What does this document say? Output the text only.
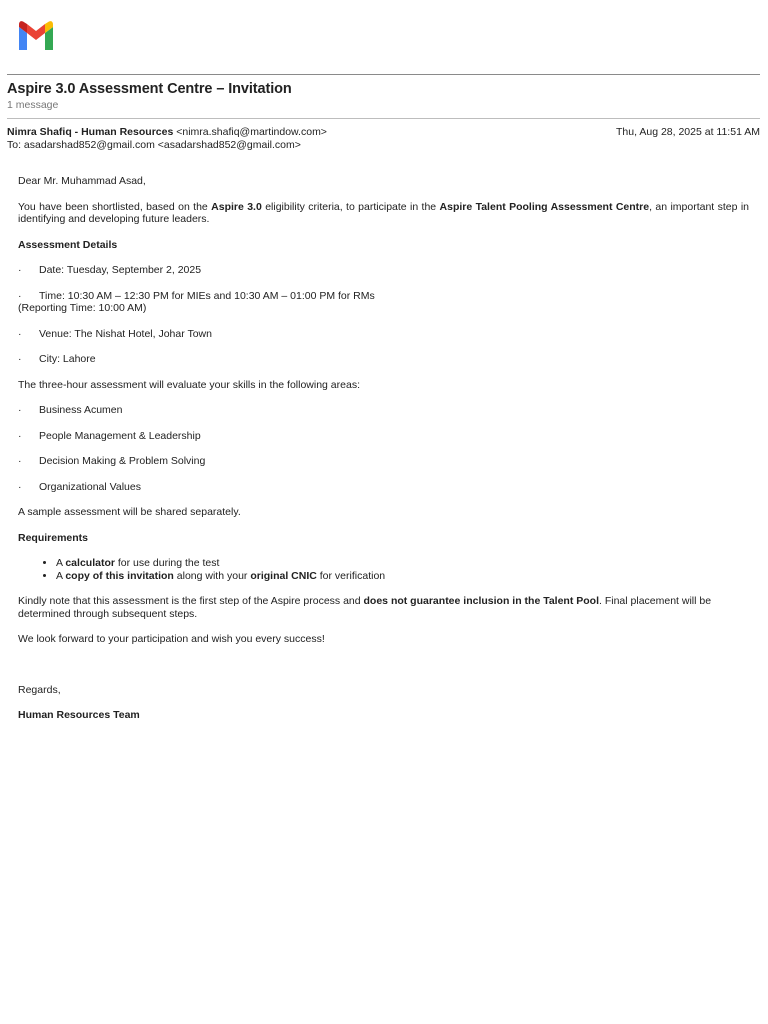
Aspire 3.0 Assessment Centre – Invitation
1 message
Nimra Shafiq - Human Resources <nimra.shafiq@martindow.com>	Thu, Aug 28, 2025 at 11:51 AM
To: asadarshad852@gmail.com <asadarshad852@gmail.com>

Dear Mr. Muhammad Asad,

You have been shortlisted, based on the Aspire 3.0 eligibility criteria, to participate in the Aspire Talent Pooling Assessment Centre, an important step in identifying and developing future leaders.

Assessment Details

· Date: Tuesday, September 2, 2025
· Time: 10:30 AM – 12:30 PM for MIEs and 10:30 AM – 01:00 PM for RMs

(Reporting Time: 10:00 AM)

· Venue: The Nishat Hotel, Johar Town
· City: Lahore

The three-hour assessment will evaluate your skills in the following areas:

· Business Acumen
· People Management & Leadership
· Decision Making & Problem Solving
· Organizational Values

A sample assessment will be shared separately.

Requirements

• A calculator for use during the test
• A copy of this invitation along with your original CNIC for verification

Kindly note that this assessment is the first step of the Aspire process and does not guarantee inclusion in the Talent Pool. Final placement will be determined through subsequent steps.

We look forward to your participation and wish you every success!

Regards,

Human Resources Team
